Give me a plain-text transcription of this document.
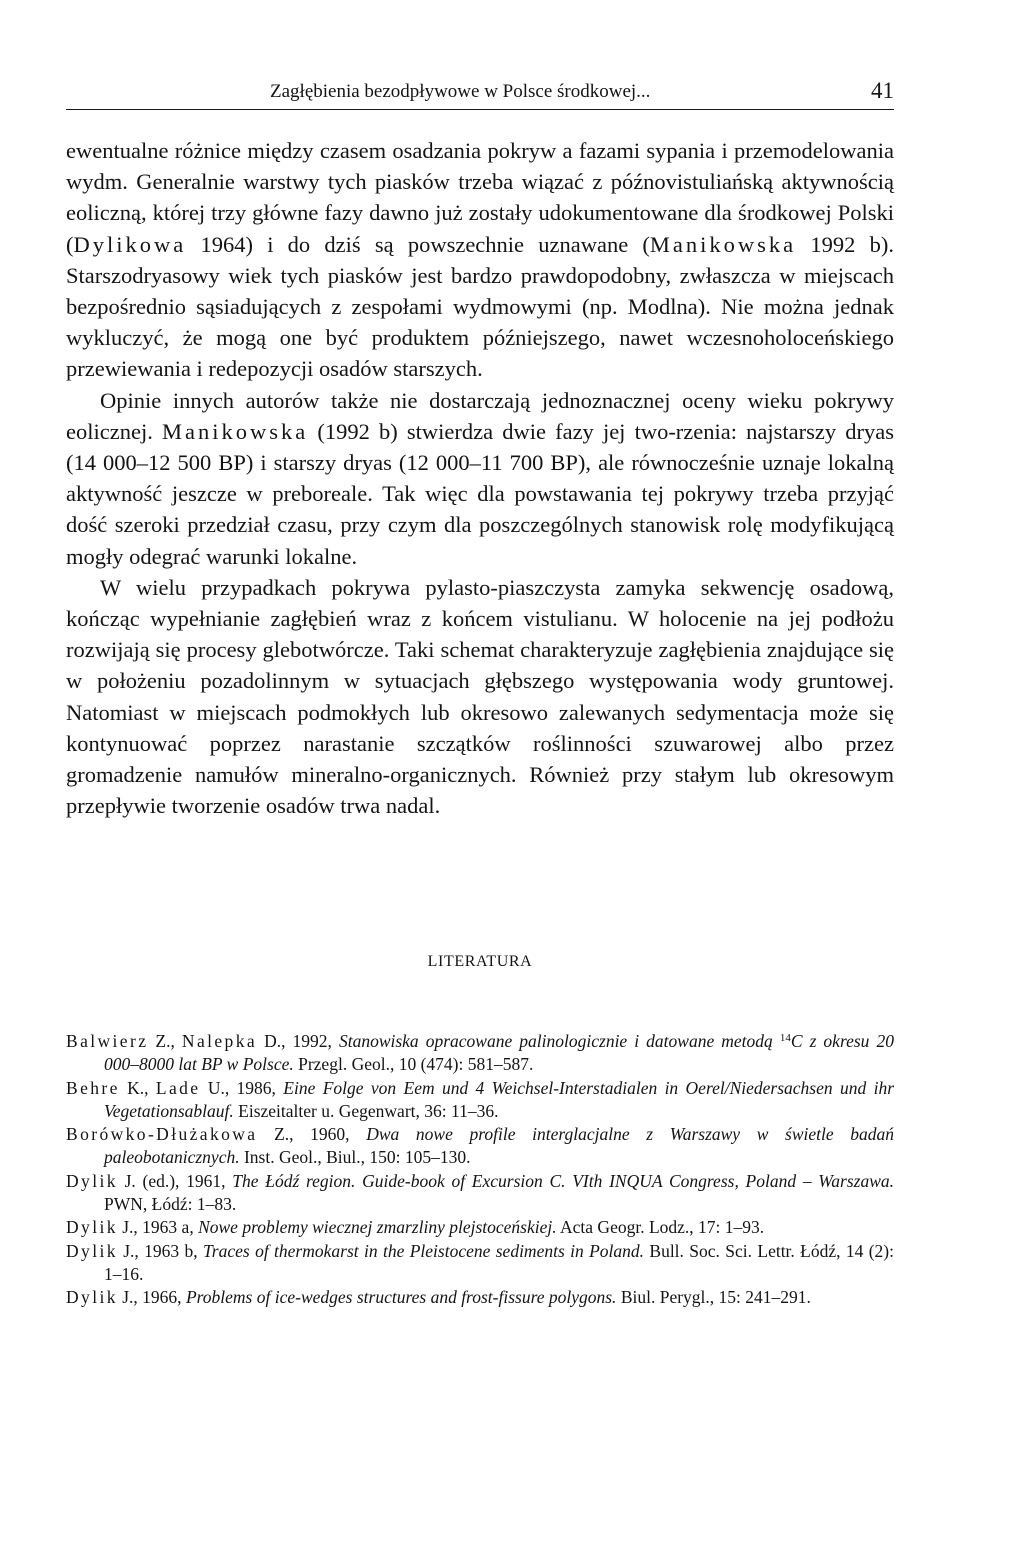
Zagłębienia bezodpływowe w Polsce środkowej...	41

ewentualne różnice między czasem osadzania pokryw a fazami sypania i przemodelowania wydm. Generalnie warstwy tych piasków trzeba wiązać z późnovistuliańską aktywnością eoliczną, której trzy główne fazy dawno już zostały udokumentowane dla środkowej Polski (Dylikowa 1964) i do dziś są powszechnie uznawane (Manikowska 1992 b). Starszodryasowy wiek tych piasków jest bardzo prawdopodobny, zwłaszcza w miejscach bezpośrednio sąsiadujących z zespołami wydmowymi (np. Modlna). Nie można jednak wykluczyć, że mogą one być produktem późniejszego, nawet wczesnoholoceńskiego przewiewania i redepozycji osadów starszych.

Opinie innych autorów także nie dostarczają jednoznacznej oceny wieku pokrywy eolicznej. Manikowska (1992 b) stwierdza dwie fazy jej two-rzenia: najstarszy dryas (14 000–12 500 BP) i starszy dryas (12 000–11 700 BP), ale równocześnie uznaje lokalną aktywność jeszcze w preboreale. Tak więc dla powstawania tej pokrywy trzeba przyjąć dość szeroki przedział czasu, przy czym dla poszczególnych stanowisk rolę modyfikującą mogły odegrać warunki lokalne.

W wielu przypadkach pokrywa pylasto-piaszczysta zamyka sekwencję osadową, kończąc wypełnianie zagłębień wraz z końcem vistulianu. W holocenie na jej podłożu rozwijają się procesy glebotwórcze. Taki schemat charakteryzuje zagłębienia znajdujące się w położeniu pozadolinnym w sytuacjach głębszego występowania wody gruntowej. Natomiast w miejscach podmokłych lub okresowo zalewanych sedymentacja może się kontynuować poprzez narastanie szczątków roślinności szuwarowej albo przez gromadzenie namułów mineralno-organicznych. Również przy stałym lub okresowym przepływie tworzenie osadów trwa nadal.

LITERATURA

Balwierz Z., Nalepka D., 1992, Stanowiska opracowane palinologicznie i datowane metodą $^{14}$C z okresu 20 000–8000 lat BP w Polsce. Przegl. Geol., 10 (474): 581–587.

Behre K., Lade U., 1986, Eine Folge von Eem und 4 Weichsel-Interstadialen in Oerel/Niedersachsen und ihr Vegetationsablauf. Eiszeitalter u. Gegenwart, 36: 11–36.

Borówko-Dłużakowa Z., 1960, Dwa nowe profile interglacjalne z Warszawy w świetle badań paleobotanicznych. Inst. Geol., Biul., 150: 105–130.

Dylik J. (ed.), 1961, The Łódź region. Guide-book of Excursion C. VIth INQUA Congress, Poland – Warszawa. PWN, Łódź: 1–83.

Dylik J., 1963 a, Nowe problemy wiecznej zmarzliny plejstoceńskiej. Acta Geogr. Lodz., 17: 1–93.

Dylik J., 1963 b, Traces of thermokarst in the Pleistocene sediments in Poland. Bull. Soc. Sci. Lettr. Łódź, 14 (2): 1–16.

Dylik J., 1966, Problems of ice-wedges structures and frost-fissure polygons. Biul. Perygl., 15: 241–291.
